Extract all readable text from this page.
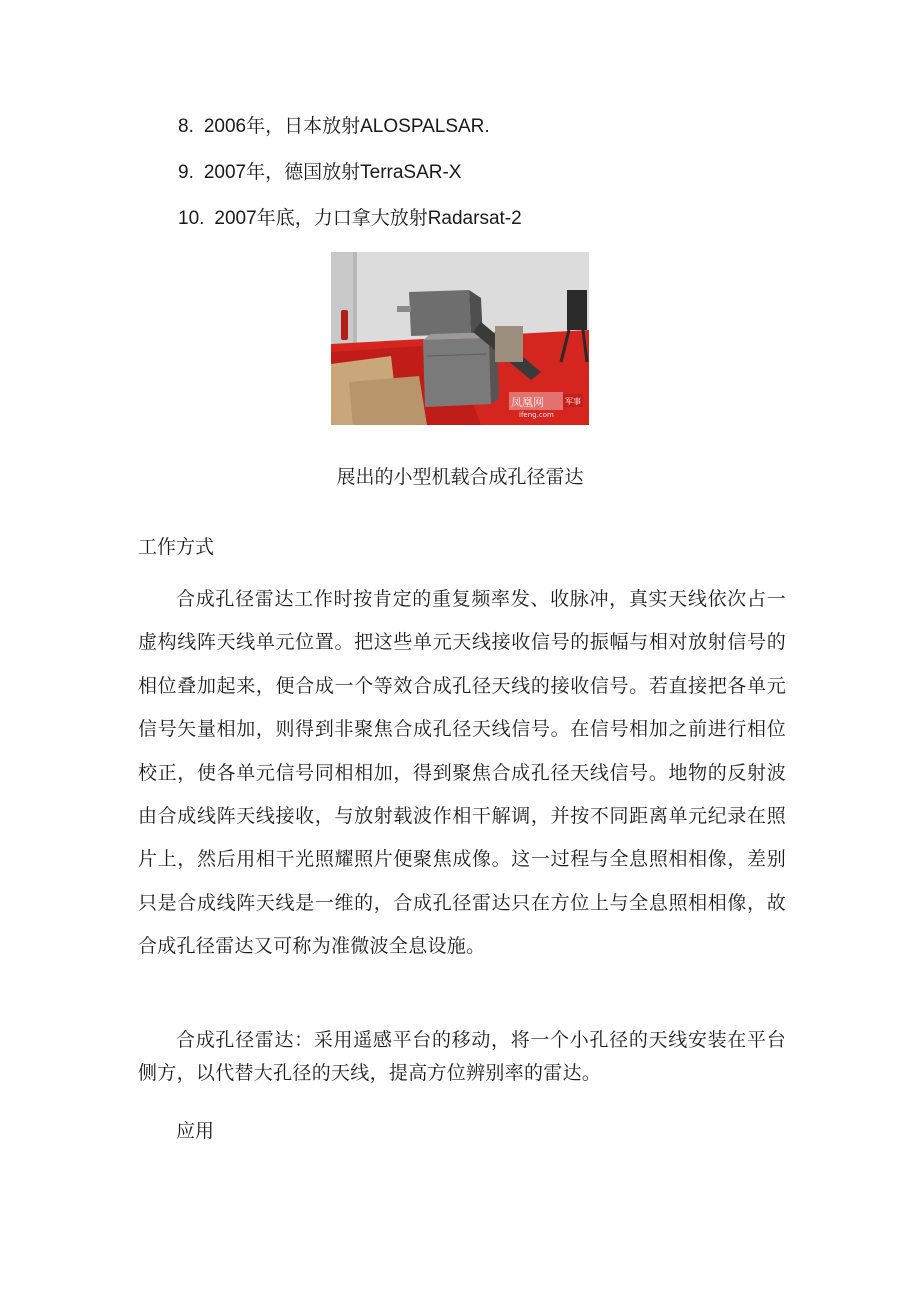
8. 2006年，日本放射ALOSPALSAR.
9. 2007年，德国放射TerraSAR-X
10. 2007年底，力口拿大放射Radarsat-2
凤凰网	军事
ifeng.com
展出的小型机载合成孔径雷达
工作方式

合成孔径雷达工作时按肯定的重复频率发、收脉冲，真实天线依次占一虚构线阵天线单元位置。把这些单元天线接收信号的振幅与相对放射信号的相位叠加起来，便合成一个等效合成孔径天线的接收信号。若直接把各单元信号矢量相加，则得到非聚焦合成孔径天线信号。在信号相加之前进行相位校正，使各单元信号同相相加，得到聚焦合成孔径天线信号。地物的反射波由合成线阵天线接收，与放射载波作相干解调，并按不同距离单元纪录在照片上，然后用相干光照耀照片便聚焦成像。这一过程与全息照相相像，差别只是合成线阵天线是一维的，合成孔径雷达只在方位上与全息照相相像，故合成孔径雷达又可称为准微波全息设施。

合成孔径雷达：采用遥感平台的移动，将一个小孔径的天线安装在平台侧方，以代替大孔径的天线，提高方位辨别率的雷达。

应用
